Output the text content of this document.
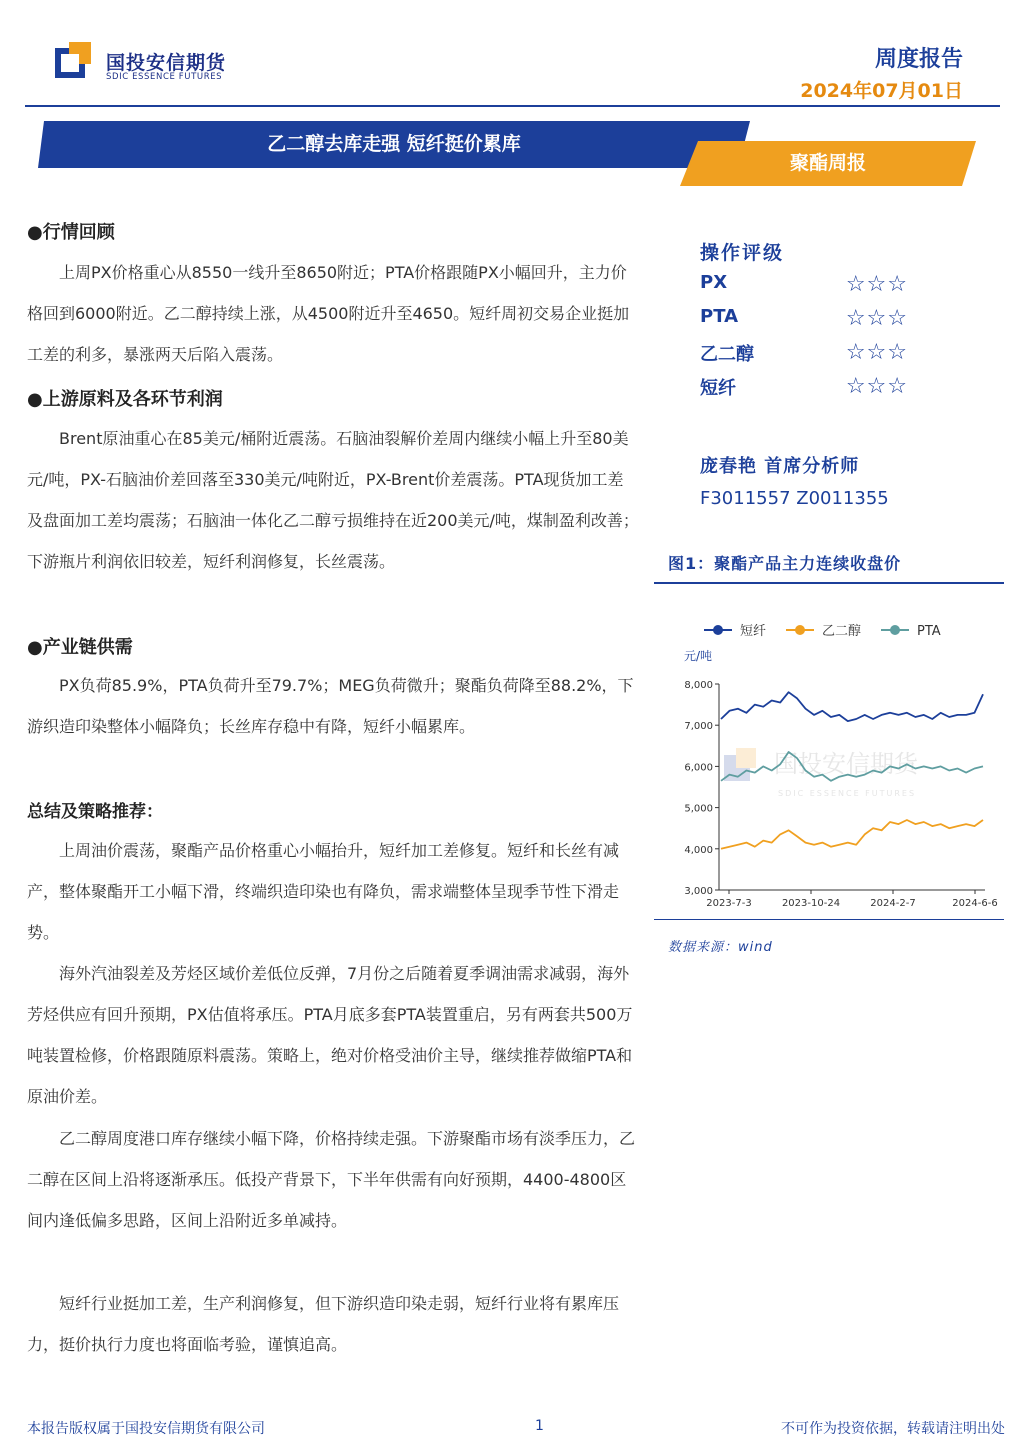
国投安信期货
SDIC ESSENCE FUTURES
周度报告
2024年07月01日
乙二醇去库走强 短纤挺价累库
聚酯周报
●行情回顾
上周PX价格重心从8550一线升至8650附近；PTA价格跟随PX小幅回升，主力价格回到6000附近。乙二醇持续上涨，从4500附近升至4650。短纤周初交易企业挺加工差的利多，暴涨两天后陷入震荡。
●上游原料及各环节利润
Brent原油重心在85美元/桶附近震荡。石脑油裂解价差周内继续小幅上升至80美元/吨，PX-石脑油价差回落至330美元/吨附近，PX-Brent价差震荡。PTA现货加工差及盘面加工差均震荡；石脑油一体化乙二醇亏损维持在近200美元/吨，煤制盈利改善；下游瓶片利润依旧较差，短纤利润修复，长丝震荡。
●产业链供需
PX负荷85.9%，PTA负荷升至79.7%；MEG负荷微升；聚酯负荷降至88.2%，下游织造印染整体小幅降负；长丝库存稳中有降，短纤小幅累库。
总结及策略推荐：
上周油价震荡，聚酯产品价格重心小幅抬升，短纤加工差修复。短纤和长丝有减产，整体聚酯开工小幅下滑，终端织造印染也有降负，需求端整体呈现季节性下滑走势。
海外汽油裂差及芳烃区域价差低位反弹，7月份之后随着夏季调油需求减弱，海外芳烃供应有回升预期，PX估值将承压。PTA月底多套PTA装置重启，另有两套共500万吨装置检修，价格跟随原料震荡。策略上，绝对价格受油价主导，继续推荐做缩PTA和原油价差。
乙二醇周度港口库存继续小幅下降，价格持续走强。下游聚酯市场有淡季压力，乙二醇在区间上沿将逐渐承压。低投产背景下，下半年供需有向好预期，4400-4800区间内逢低偏多思路，区间上沿附近多单减持。
短纤行业挺加工差，生产利润修复，但下游织造印染走弱，短纤行业将有累库压力，挺价执行力度也将面临考验，谨慎追高。
操作评级
PX	☆☆☆
PTA	☆☆☆
乙二醇	☆☆☆
短纤	☆☆☆
庞春艳 首席分析师
F3011557 Z0011355
图1：聚酯产品主力连续收盘价
短纤	乙二醇	PTA
元/吨
国投安信期货
SDIC ESSENCE FUTURES
3,000
4,000
5,000
6,000
7,000
8,000
2023-7-3	2023-10-24	2024-2-7	2024-6-6
数据来源：wind
本报告版权属于国投安信期货有限公司	1	不可作为投资依据，转载请注明出处
